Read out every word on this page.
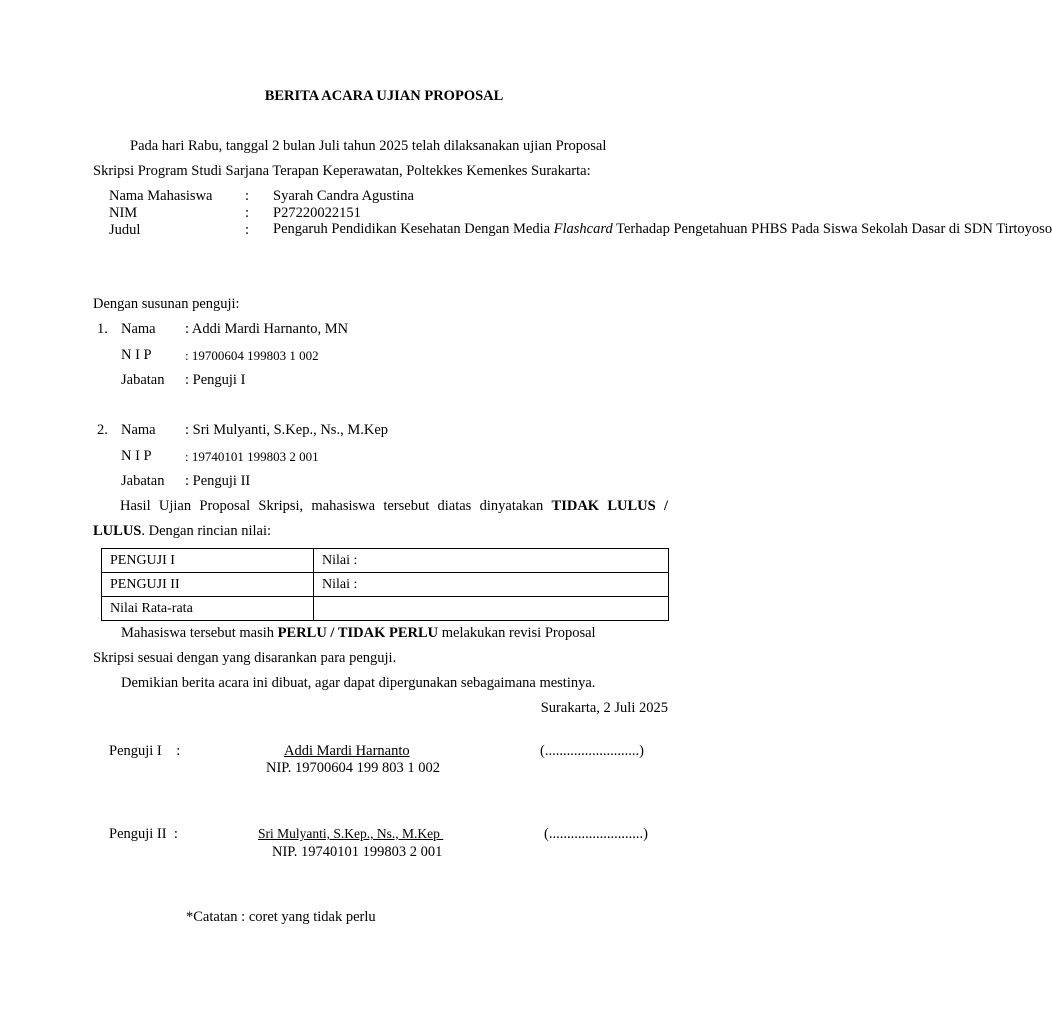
BERITA ACARA UJIAN PROPOSAL
Pada hari Rabu, tanggal 2 bulan Juli tahun 2025 telah dilaksanakan ujian Proposal
Skripsi Program Studi Sarjana Terapan Keperawatan, Poltekkes Kemenkes Surakarta:
Nama Mahasiswa : Syarah Candra Agustina
NIM	: P27220022151
Judul	: Pengaruh Pendidikan Kesehatan Dengan Media Flashcard Terhadap Pengetahuan PHBS Pada Siswa Sekolah Dasar di SDN Tirtoyoso
Dengan susunan penguji:
1. Nama : Addi Mardi Harnanto, MN
N I P	: 19700604 199803 1 002
Jabatan : Penguji I
2. Nama : Sri Mulyanti, S.Kep., Ns., M.Kep
N I P	: 19740101 199803 2 001
Jabatan : Penguji II
Hasil Ujian Proposal Skripsi, mahasiswa tersebut diatas dinyatakan TIDAK LULUS / LULUS. Dengan rincian nilai:
PENGUJI I	Nilai :
PENGUJI II	Nilai :
Nilai Rata-rata	
Mahasiswa tersebut masih PERLU / TIDAK PERLU melakukan revisi Proposal
Skripsi sesuai dengan yang disarankan para penguji.
Demikian berita acara ini dibuat, agar dapat dipergunakan sebagaimana mestinya.
Surakarta, 2 Juli 2025
Penguji I    :	Addi Mardi Harnanto
NIP. 19700604 199 803 1 002
(..........................)
Penguji II  :	Sri Mulyanti, S.Kep., Ns., M.Kep
NIP. 19740101 199803 2 001
(..........................)
*Catatan : coret yang tidak perlu
